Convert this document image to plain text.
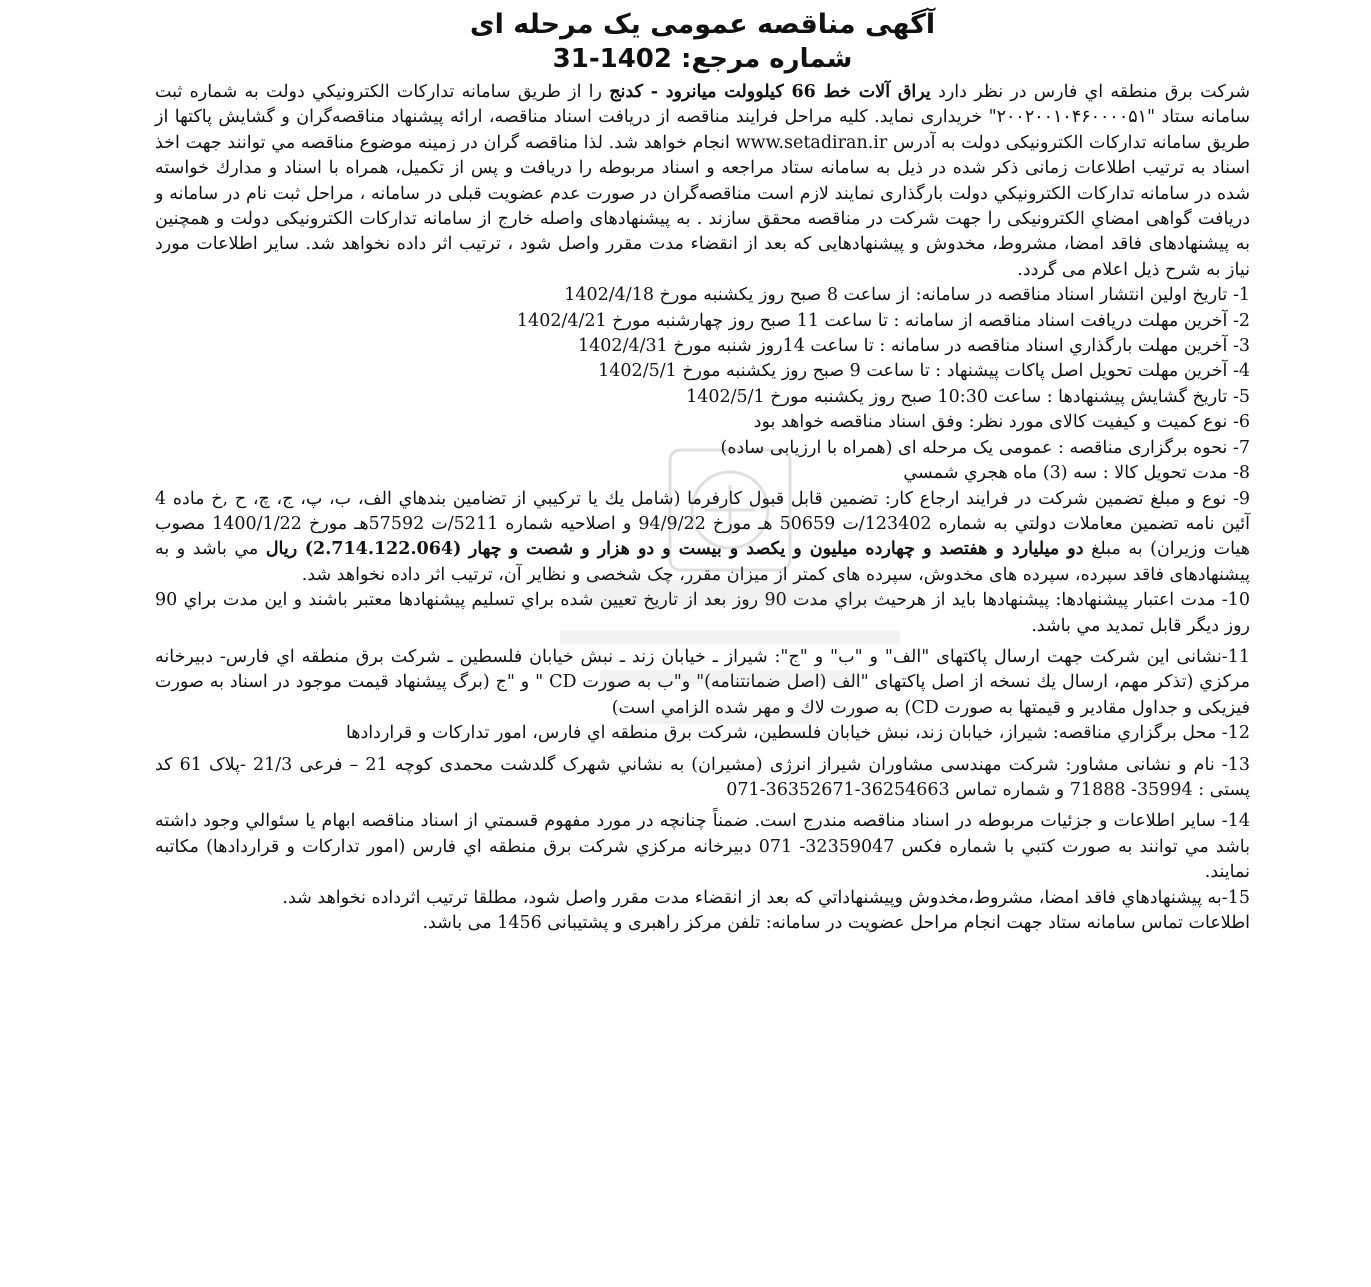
آگهی مناقصه عمومی یک مرحله ای
شماره مرجع: 31-1402

شرکت برق منطقه اي فارس در نظر دارد یراق آلات خط 66 کیلوولت میانرود - کدنج را از طریق سامانه تدارکات الکترونيکي دولت به شماره ثبت سامانه ستاد "۲۰۰۲۰۰۱۰۴۶۰۰۰۰۵۱" خریداری نماید. کلیه مراحل فرایند مناقصه از دریافت اسناد مناقصه، ارائه پیشنهاد مناقصه‌گران و گشایش پاکتها از طریق سامانه تدارکات الکترونیکی دولت به آدرس www.setadiran.ir انجام خواهد شد. لذا مناقصه گران در زمینه موضوع مناقصه مي توانند جهت اخذ اسناد به ترتیب اطلاعات زمانی ذکر شده در ذیل به سامانه ستاد مراجعه و اسناد مربوطه را دریافت و پس از تکمیل، همراه با اسناد و مدارك خواسته شده در سامانه تدارکات الکترونيکي دولت بارگذاری نمایند لازم است مناقصه‌گران در صورت عدم عضویت قبلی در سامانه ، مراحل ثبت نام در سامانه و دریافت گواهی امضاي الکترونیکی را جهت شرکت در مناقصه محقق سازند . به پیشنهادهای واصله خارج از سامانه تدارکات الکترونیکی دولت و همچنین به پیشنهادهای فاقد امضا، مشروط، مخدوش و پیشنهادهایی که بعد از انقضاء مدت مقرر واصل شود ، ترتیب اثر داده نخواهد شد. سایر اطلاعات مورد نیاز به شرح ذیل اعلام می گردد.

1- تاریخ اولین انتشار اسناد مناقصه در سامانه: از ساعت 8 صبح روز یکشنبه مورخ 1402/4/18

2- آخرین مهلت دریافت اسناد مناقصه از سامانه : تا ساعت 11 صبح روز چهارشنبه مورخ 1402/4/21

3- آخرین مهلت بارگذاري اسناد مناقصه در سامانه : تا ساعت 14روز شنبه مورخ 1402/4/31

4- آخرین مهلت تحویل اصل پاکات پیشنهاد : تا ساعت 9 صبح روز یکشنبه مورخ 1402/5/1

5- تاریخ گشایش پیشنهادها : ساعت 10:30 صبح روز یکشنبه مورخ 1402/5/1

6- نوع کمیت و کیفیت کالای مورد نظر: وفق اسناد مناقصه خواهد بود

7- نحوه برگزاری مناقصه : عمومی یک مرحله ای (همراه با ارزیابی ساده)

8- مدت تحویل کالا : سه (3) ماه هجري شمسي

9- نوع و مبلغ تضمین شرکت در فرایند ارجاع کار: تضمین قابل قبول کارفرما (شامل يك يا تركيبي از تضامين بندهاي الف، ب، پ، ج، چ، ح ,خ ماده 4 آئين نامه تضمين معاملات دولتي به شماره 123402/ت 50659 هـ مورخ 94/9/22 و اصلاحیه شماره 5211/ت 57592هـ مورخ 1400/1/22 مصوب هیات وزیران) به مبلغ دو میلیارد و هفتصد و چهارده میلیون و یکصد و بیست و دو هزار و شصت و چهار (2.714.122.064) ریال مي باشد و به پیشنهادهای فاقد سپرده، سپرده های مخدوش، سپرده های کمتر از میزان مقرر، چک شخصی و نظایر آن، ترتیب اثر داده نخواهد شد.

10- مدت اعتبار پیشنهادها: پیشنهادها بايد از هرحيث براي مدت 90 روز بعد از تاريخ تعيين شده براي تسليم پيشنهادها معتبر باشند و اين مدت براي 90 روز ديگر قابل تمديد مي باشد.

11-نشانی این شرکت جهت ارسال پاکتهای "الف" و "ب" و "ج": شيراز ـ خيابان زند ـ نبش خيابان فلسطين ـ شركت برق منطقه اي فارس- دبیرخانه مرکزي (تذکر مهم، ارسال يك نسخه از اصل پاکتهای "الف (اصل ضمانتنامه)" و"ب به صورت CD " و "ج (برگ پیشنهاد قیمت موجود در اسناد به صورت فیزیکی و جداول مقادیر و قیمتها به صورت CD) به صورت لاك و مهر شده الزامي است)

12- محل برگزاري مناقصه: شيراز، خيابان زند، نبش خيابان فلسطين، شركت برق منطقه اي فارس، امور تداركات و قراردادها

13- نام و نشانی مشاور: شرکت مهندسی مشاوران شیراز انرژی (مشیران) به نشاني شهرک گلدشت محمدی کوچه 21 – فرعی 21/3 -پلاک 61 کد پستی : 35994- 71888 و شماره تماس 36254663-36352671-071

14- ساير اطلاعات و جزئيات مربوطه در اسناد مناقصه مندرج است. ضمناً چنانچه در مورد مفهوم قسمتي از اسناد مناقصه ابهام يا سئوالي وجود داشته باشد مي توانند به صورت كتبي با شماره فكس 32359047- 071 دبيرخانه مركزي شركت برق منطقه اي فارس (امور تداركات و قراردادها) مكاتبه نمايند.

15-به پيشنهادهاي فاقد امضا، مشروط،مخدوش وپيشنهاداتي كه بعد از انقضاء مدت مقرر واصل شود، مطلقا ترتيب اثرداده نخواهد شد.

اطلاعات تماس سامانه ستاد جهت انجام مراحل عضویت در سامانه: تلفن مرکز راهبری و پشتیبانی 1456 می باشد.
